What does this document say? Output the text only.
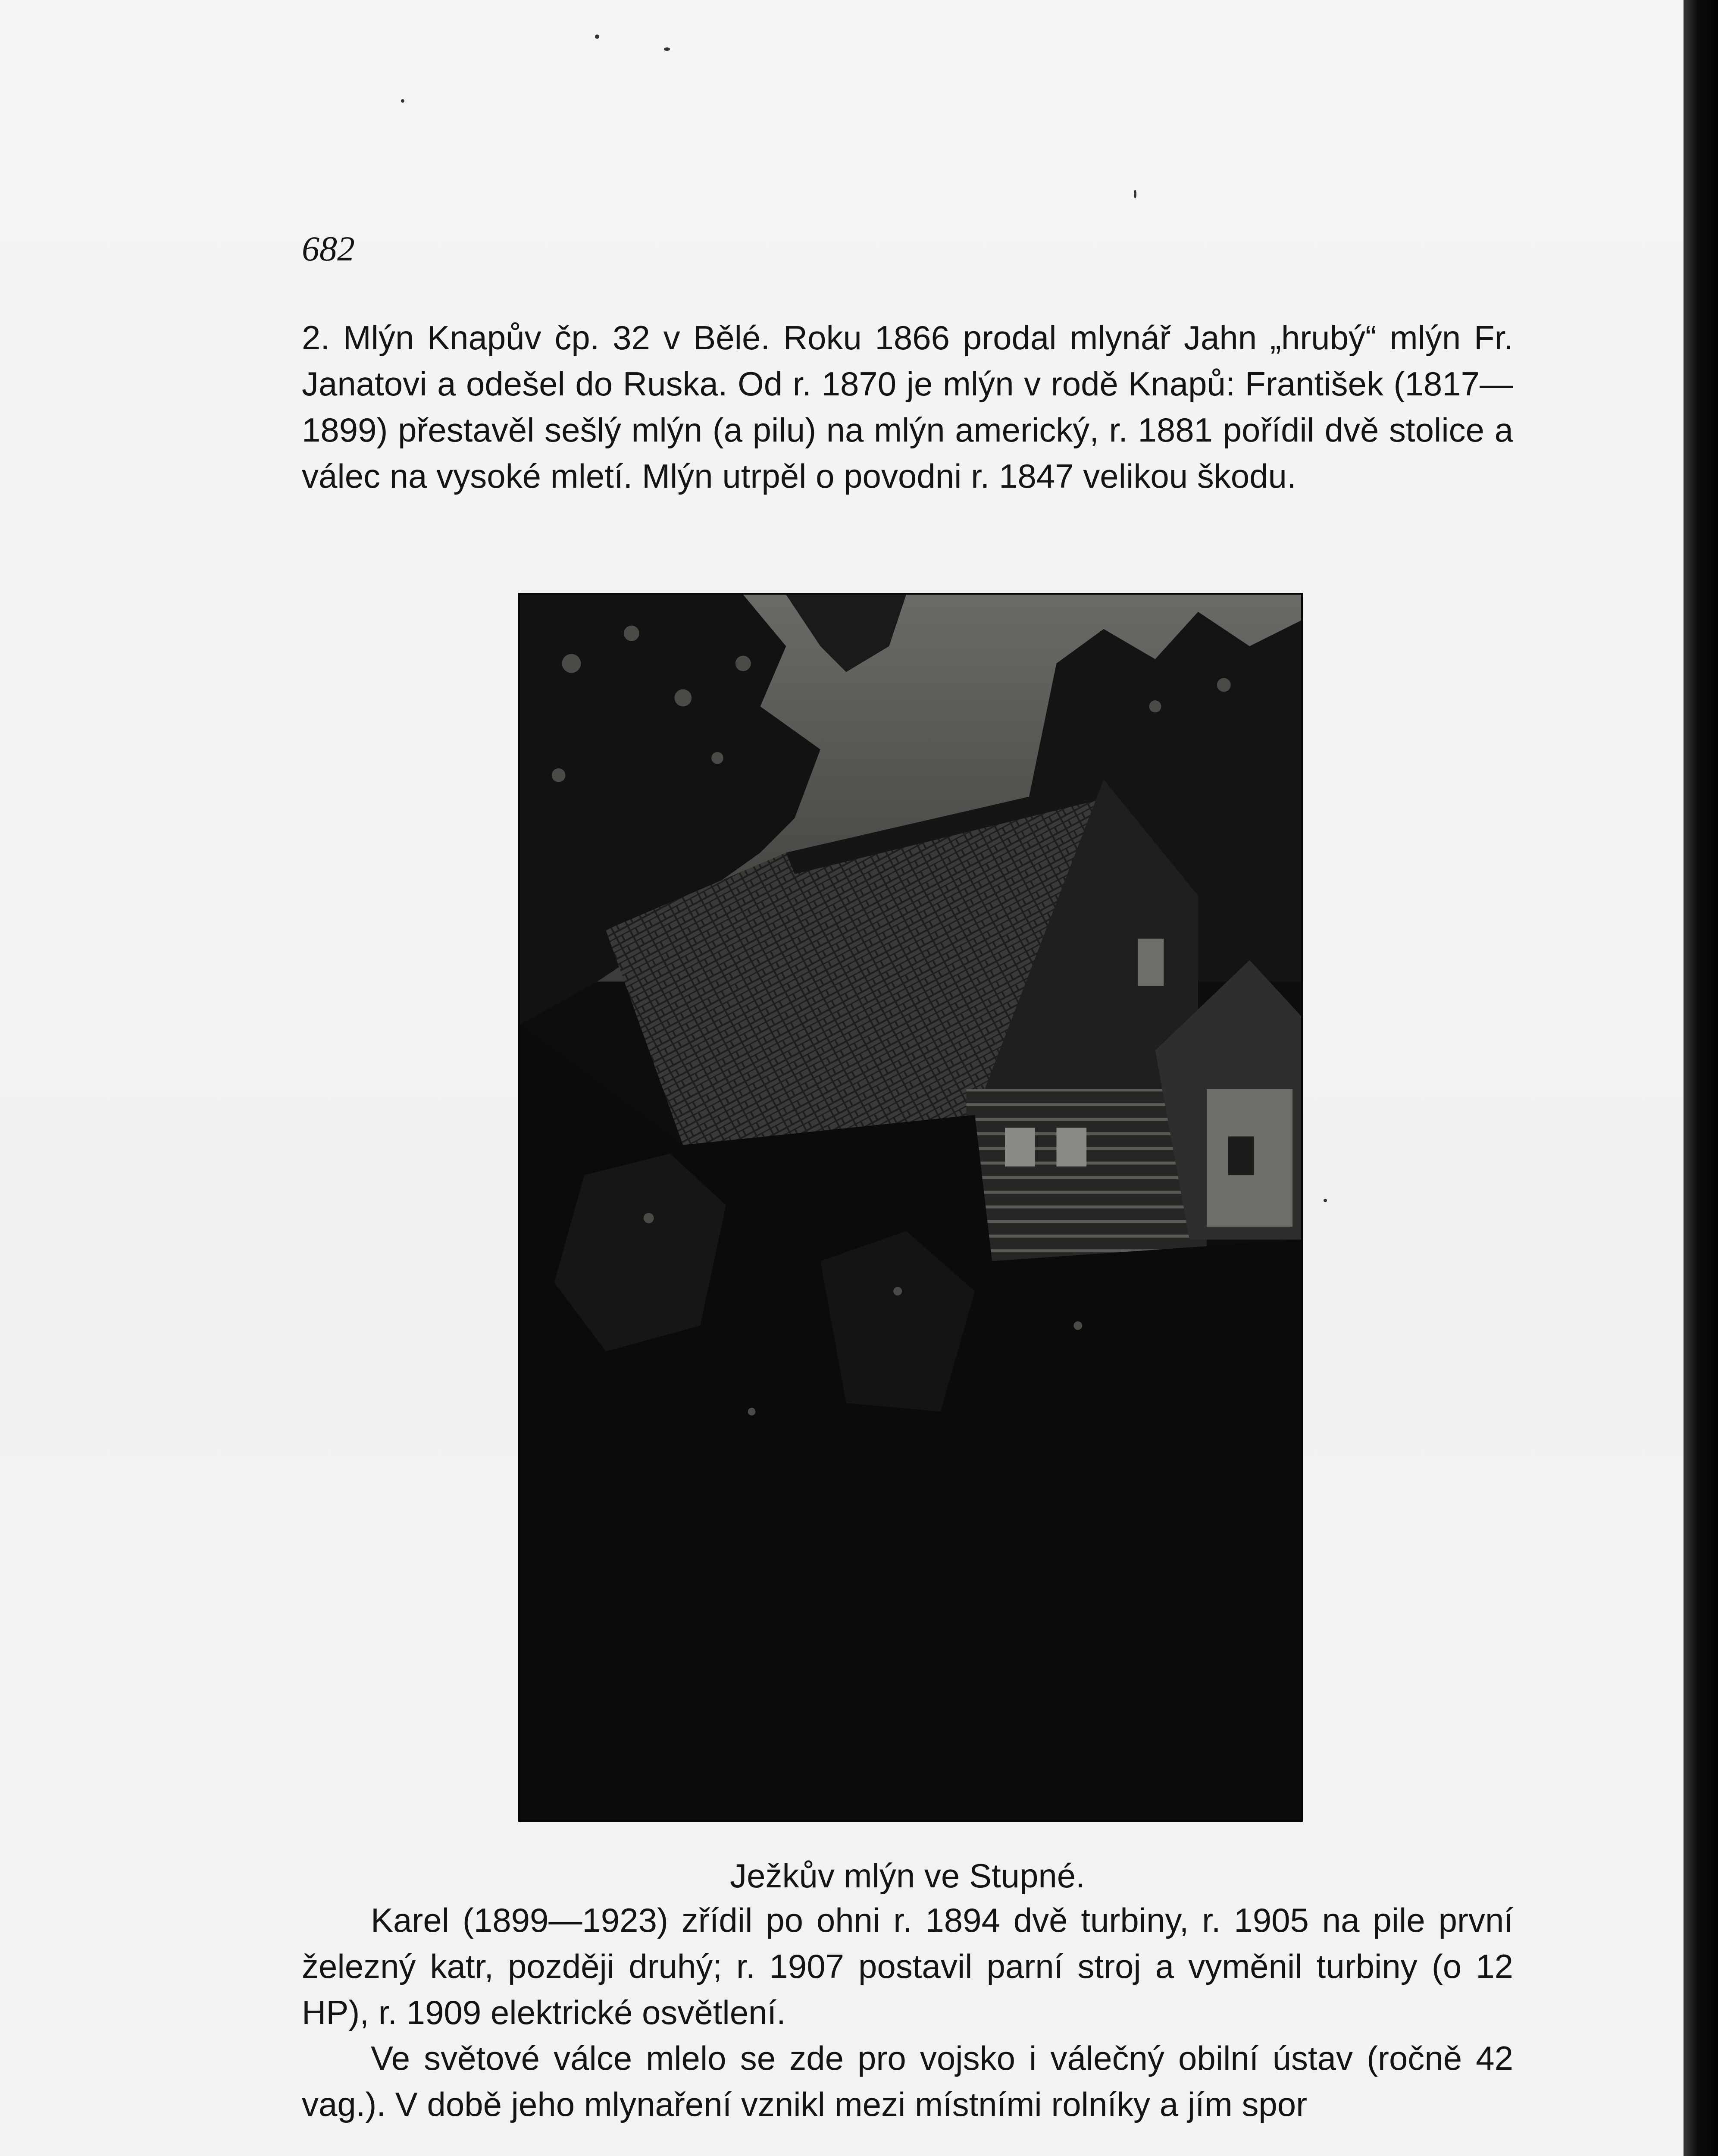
682

2. Mlýn Knapův čp. 32 v Bělé. Roku 1866 prodal mlynář Jahn „hrubý“ mlýn Fr. Janatovi a odešel do Ruska. Od r. 1870 je mlýn v rodě Knapů: František (1817—1899) přestavěl sešlý mlýn (a pilu) na mlýn americký, r. 1881 pořídil dvě stolice a válec na vysoké mletí. Mlýn utrpěl o povodni r. 1847 velikou škodu.

Ježkův mlýn ve Stupné.

Karel (1899—1923) zřídil po ohni r. 1894 dvě turbiny, r. 1905 na pile první železný katr, později druhý; r. 1907 postavil parní stroj a vyměnil turbiny (o 12 HP), r. 1909 elektrické osvětlení.

Ve světové válce mlelo se zde pro vojsko i válečný obilní ústav (ročně 42 vag.). V době jeho mlynaření vznikl mezi místními rolníky a jím spor
